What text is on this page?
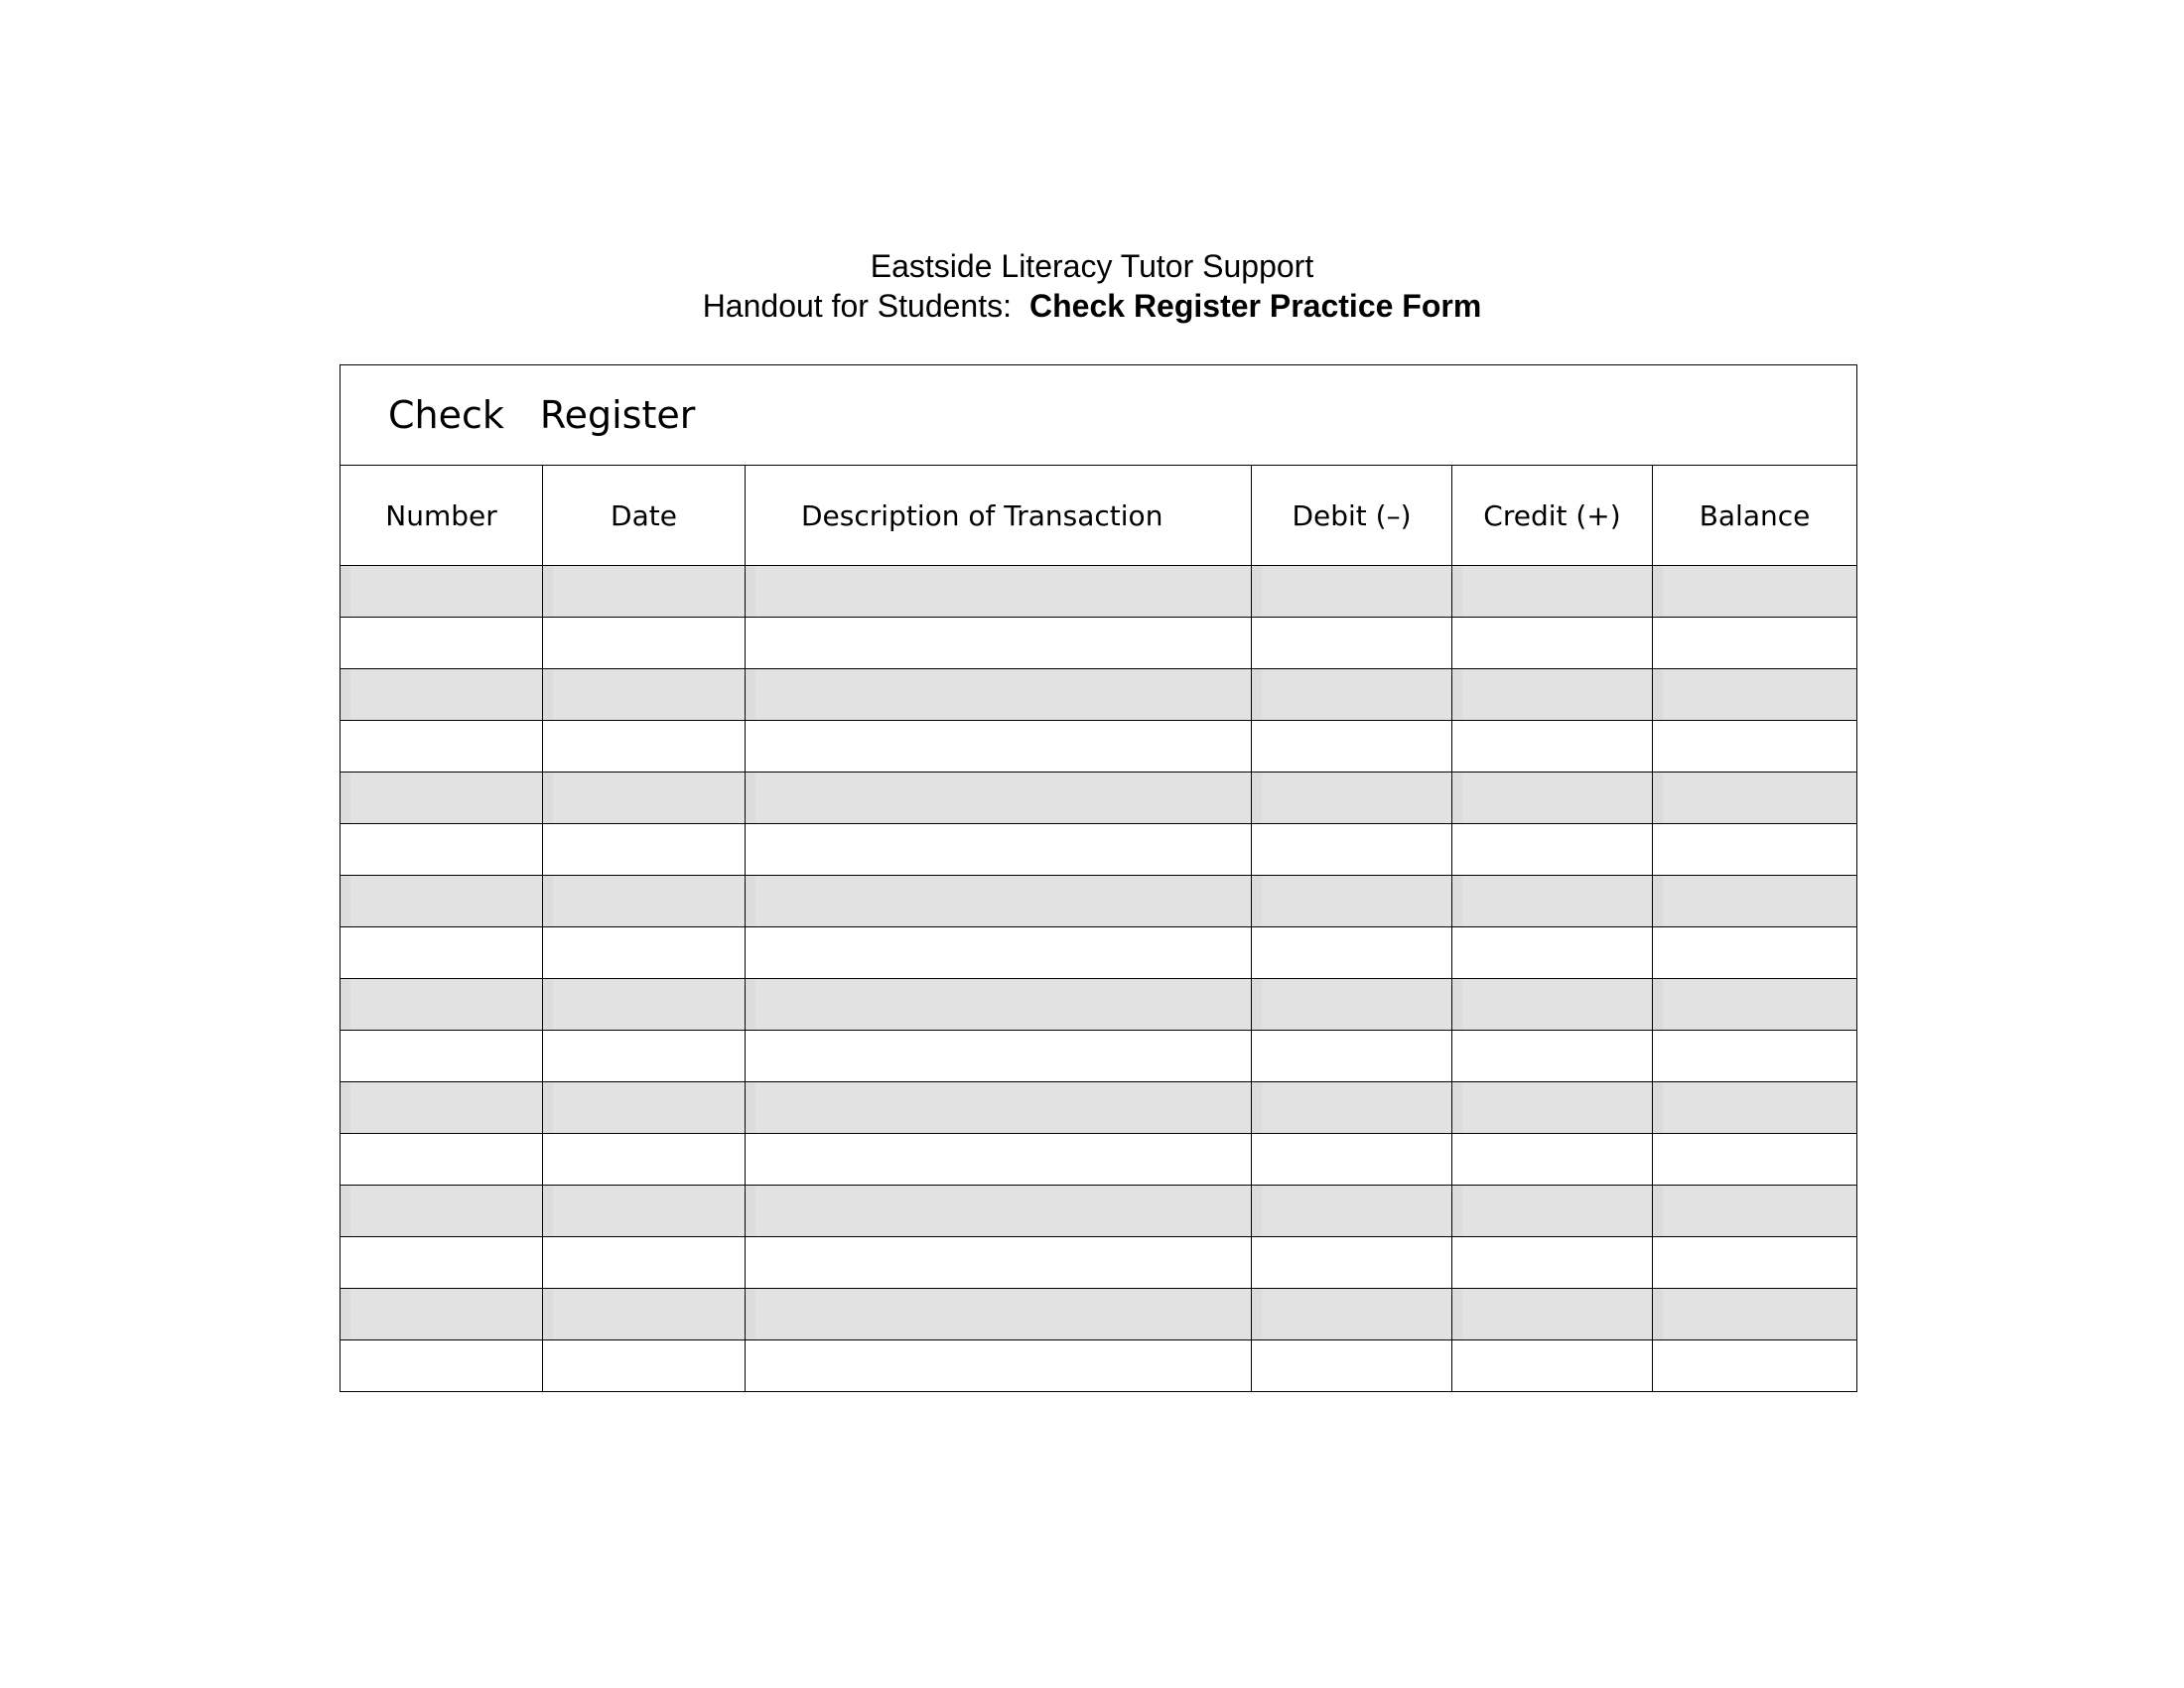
Eastside Literacy Tutor Support
Handout for Students: Check Register Practice Form
Check Register					
Number	Date	Description of Transaction	Debit (–)	Credit (+)	Balance
